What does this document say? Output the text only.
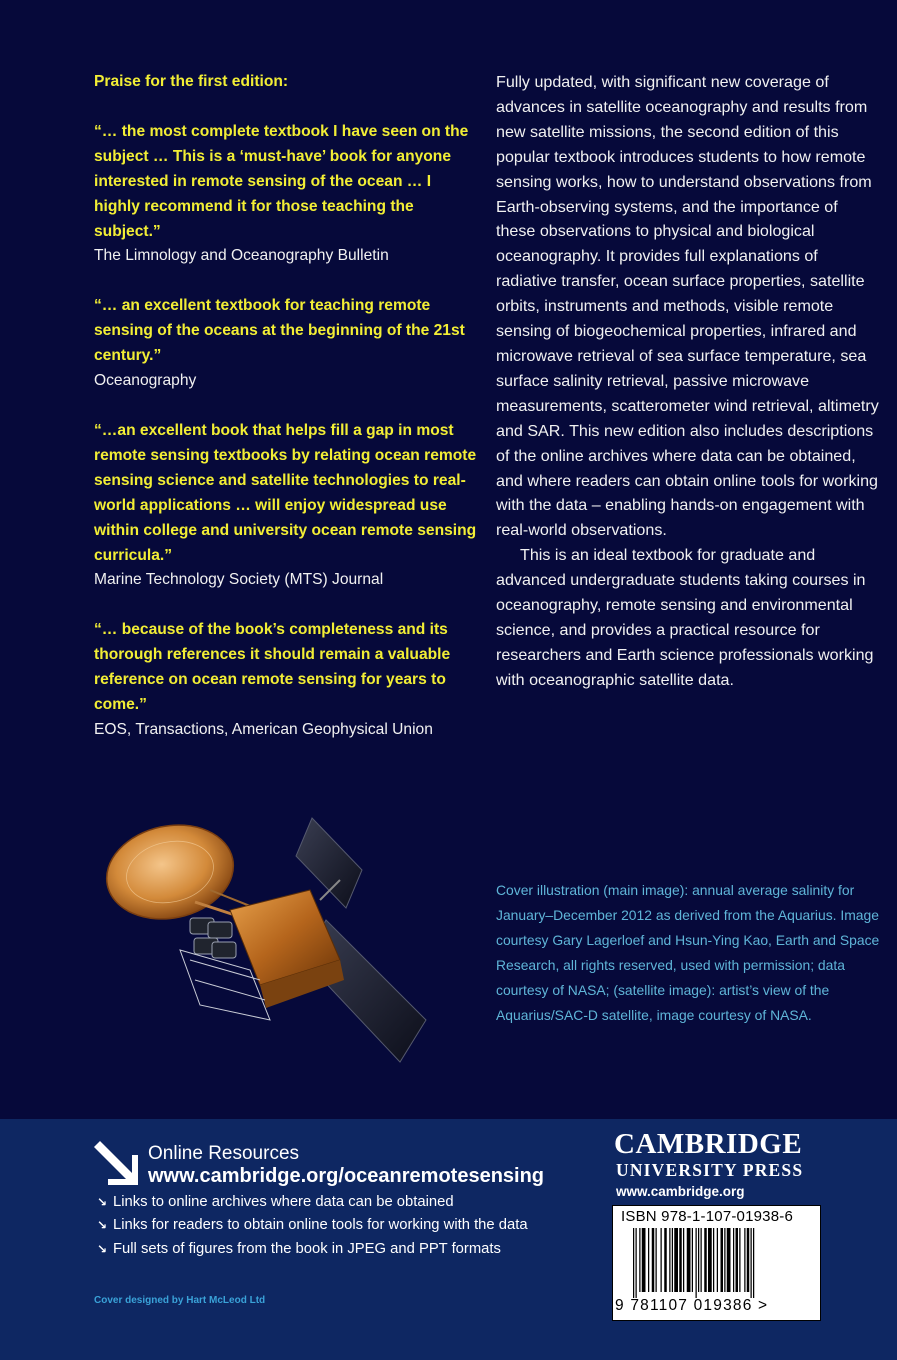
Praise for the first edition:
“… the most complete textbook I have seen on the subject … This is a ‘must-have’ book for anyone interested in remote sensing of the ocean … I highly recommend it for those teaching the subject.”
The Limnology and Oceanography Bulletin
“… an excellent textbook for teaching remote sensing of the oceans at the beginning of the 21st century.”
Oceanography
“…an excellent book that helps fill a gap in most remote sensing textbooks by relating ocean remote sensing science and satellite technologies to real-world applications … will enjoy widespread use within college and university ocean remote sensing curricula.”
Marine Technology Society (MTS) Journal
“… because of the book’s completeness and its thorough references it should remain a valuable reference on ocean remote sensing for years to come.”
EOS, Transactions, American Geophysical Union

Fully updated, with significant new coverage of advances in satellite oceanography and results from new satellite missions, the second edition of this popular textbook introduces students to how remote sensing works, how to understand observations from Earth-observing systems, and the importance of these observations to physical and biological oceanography. It provides full explanations of radiative transfer, ocean surface properties, satellite orbits, instruments and methods, visible remote sensing of biogeochemical properties, infrared and microwave retrieval of sea surface temperature, sea surface salinity retrieval, passive microwave measurements, scatterometer wind retrieval, altimetry and SAR. This new edition also includes descriptions of the online archives where data can be obtained, and where readers can obtain online tools for working with the data – enabling hands-on engagement with real-world observations.

This is an ideal textbook for graduate and advanced undergraduate students taking courses in oceanography, remote sensing and environmental science, and provides a practical resource for researchers and Earth science professionals working with oceanographic satellite data.

Cover illustration (main image): annual average salinity for January–December 2012 as derived from the Aquarius. Image courtesy Gary Lagerloef and Hsun-Ying Kao, Earth and Space Research, all rights reserved, used with permission; data courtesy of NASA; (satellite image): artist’s view of the Aquarius/SAC-D satellite, image courtesy of NASA.
Online Resources
www.cambridge.org/oceanremotesensing
↘ Links to online archives where data can be obtained
↘ Links for readers to obtain online tools for working with the data
↘ Full sets of figures from the book in JPEG and PPT formats
Cover designed by Hart McLeod Ltd
CAMBRIDGE
UNIVERSITY PRESS
www.cambridge.org
ISBN 978-1-107-01938-6
9 781107 019386 >
